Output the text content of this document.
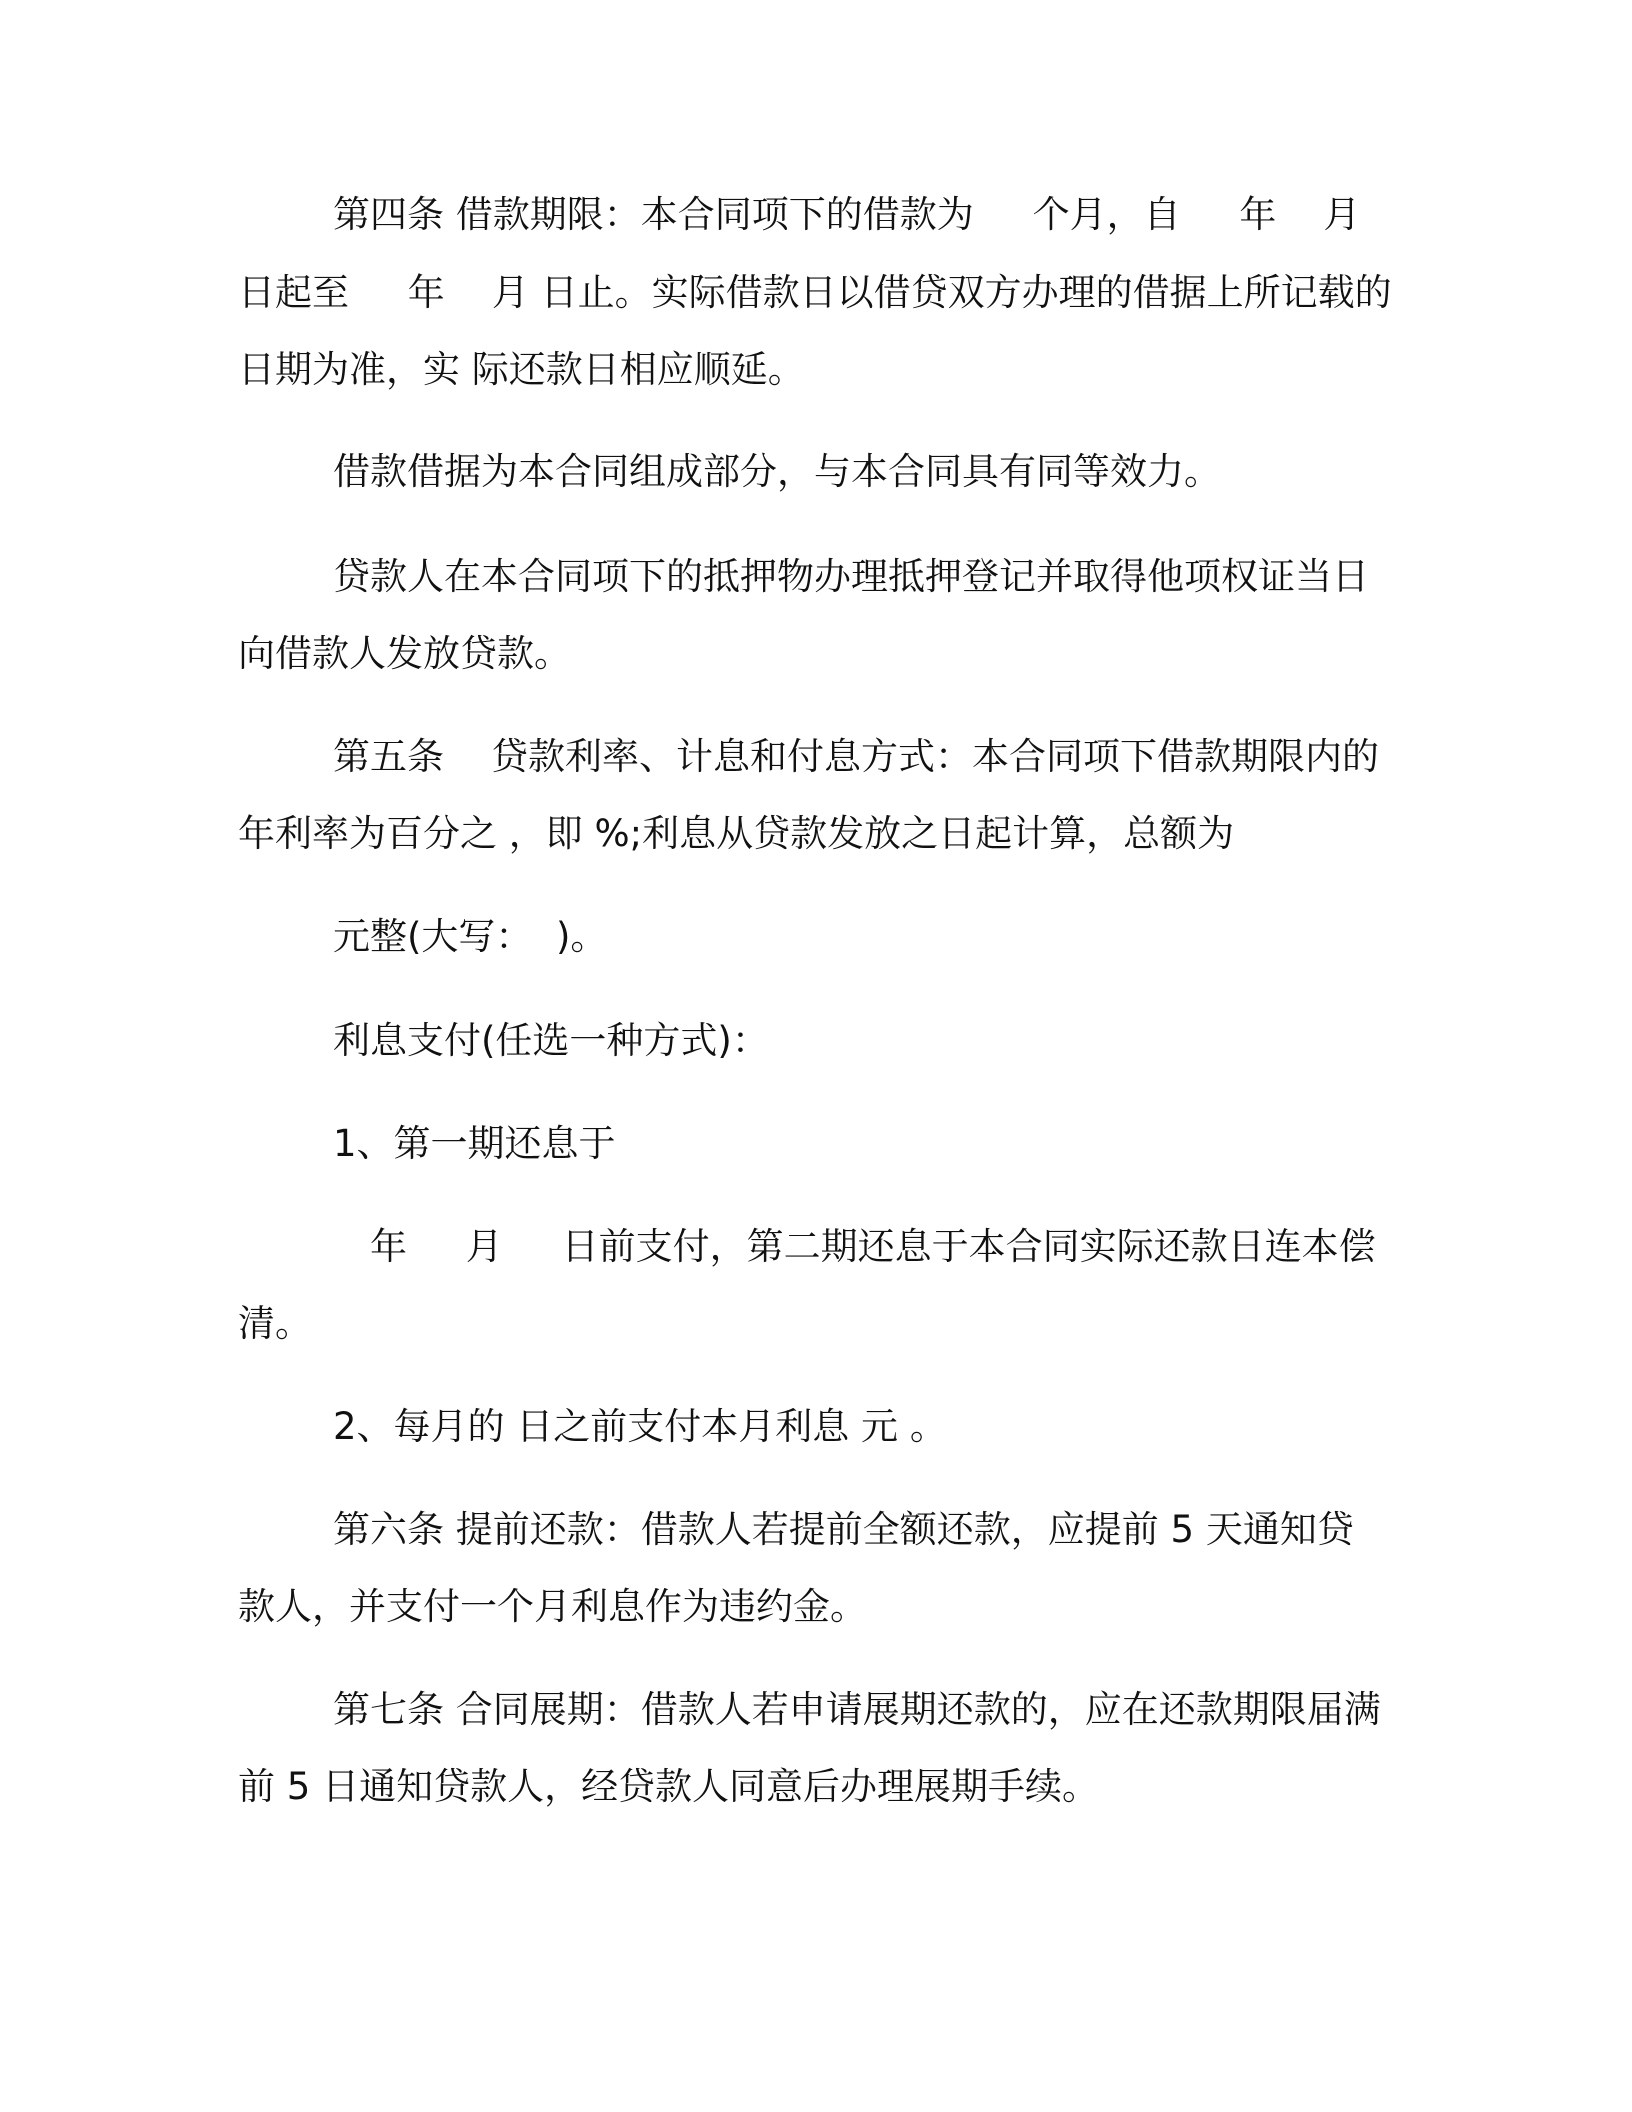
第四条 借款期限：本合同项下的借款为     个月，自     年    月
日起至     年    月 日止。实际借款日以借贷双方办理的借据上所记载的
日期为准，实 际还款日相应顺延。
借款借据为本合同组成部分，与本合同具有同等效力。
贷款人在本合同项下的抵押物办理抵押登记并取得他项权证当日
向借款人发放贷款。
第五条    贷款利率、计息和付息方式：本合同项下借款期限内的
年利率为百分之 ，即 %;利息从贷款发放之日起计算，总额为
元整(大写：  )。
利息支付(任选一种方式)：
1、第一期还息于
年     月     日前支付，第二期还息于本合同实际还款日连本偿
清。
2、每月的 日之前支付本月利息 元 。
第六条 提前还款：借款人若提前全额还款，应提前 5 天通知贷
款人，并支付一个月利息作为违约金。
第七条 合同展期：借款人若申请展期还款的，应在还款期限届满
前 5 日通知贷款人，经贷款人同意后办理展期手续。
